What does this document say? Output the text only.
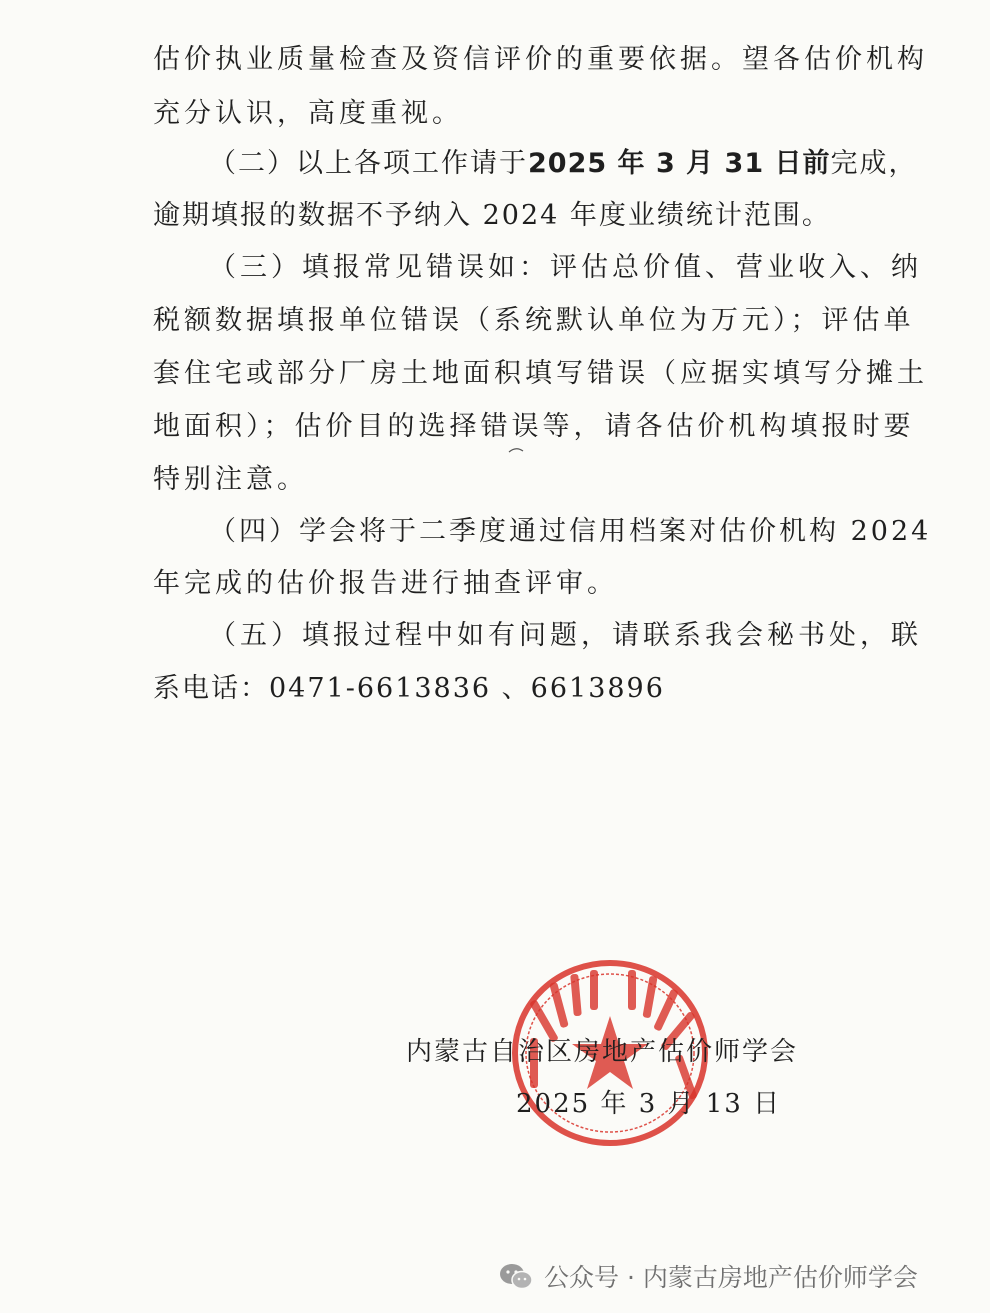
估价执业质量检查及资信评价的重要依据。望各估价机构
充分认识，高度重视。
（二）以上各项工作请于2025 年 3 月 31 日前完成，
逾期填报的数据不予纳入 2024 年度业绩统计范围。
（三）填报常见错误如：评估总价值、营业收入、纳
税额数据填报单位错误（系统默认单位为万元）；评估单
套住宅或部分厂房土地面积填写错误（应据实填写分摊土
地面积）；估价目的选择错误等，请各估价机构填报时要
特别注意。
（四）学会将于二季度通过信用档案对估价机构 2024
年完成的估价报告进行抽查评审。
（五）填报过程中如有问题，请联系我会秘书处，联
系电话：0471-6613836 、6613896
内蒙古自治区房地产估价师学会
2025 年 3 月 13 日
公众号 · 内蒙古房地产估价师学会
